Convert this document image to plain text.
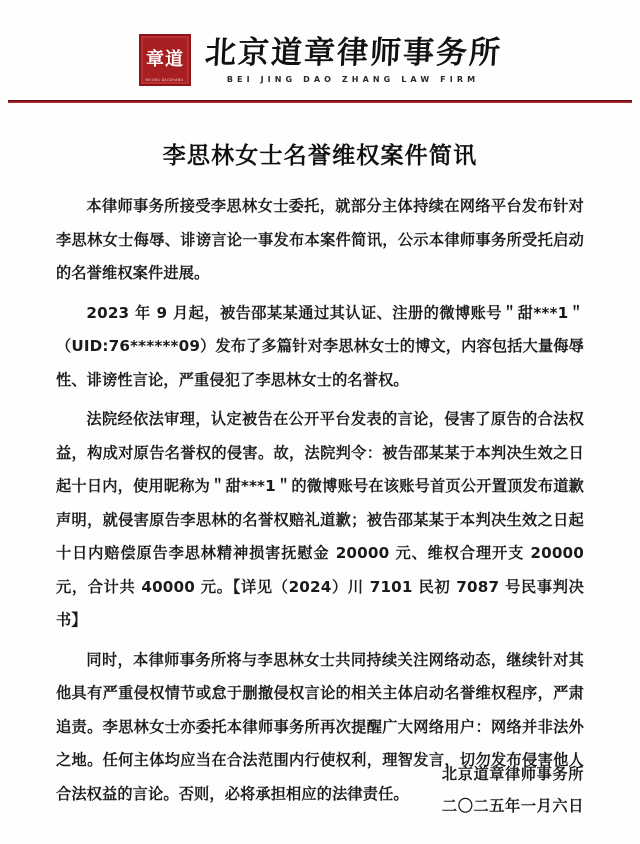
章 道
BEIJING DAOZHANG
北京道章律师事务所
BEI JING DAO ZHANG LAW FIRM
李思林女士名誉维权案件简讯

本律师事务所接受李思林女士委托，就部分主体持续在网络平台发布针对李思林女士侮辱、诽谤言论一事发布本案件简讯，公示本律师事务所受托启动的名誉维权案件进展。

2023 年 9 月起，被告邵某某通过其认证、注册的微博账号＂甜***1＂（UID:76******09）发布了多篇针对李思林女士的博文，内容包括大量侮辱性、诽谤性言论，严重侵犯了李思林女士的名誉权。

法院经依法审理，认定被告在公开平台发表的言论，侵害了原告的合法权益，构成对原告名誉权的侵害。故，法院判令：被告邵某某于本判决生效之日起十日内，使用昵称为＂甜***1＂的微博账号在该账号首页公开置顶发布道歉声明，就侵害原告李思林的名誉权赔礼道歉；被告邵某某于本判决生效之日起十日内赔偿原告李思林精神损害抚慰金 20000 元、维权合理开支 20000 元，合计共 40000 元。【详见（2024）川 7101 民初 7087 号民事判决书】

同时，本律师事务所将与李思林女士共同持续关注网络动态，继续针对其他具有严重侵权情节或怠于删撤侵权言论的相关主体启动名誉维权程序，严肃追责。李思林女士亦委托本律师事务所再次提醒广大网络用户：网络并非法外之地。任何主体均应当在合法范围内行使权利，理智发言，切勿发布侵害他人合法权益的言论。否则，必将承担相应的法律责任。

北京道章律师事务所
二〇二五年一月六日
